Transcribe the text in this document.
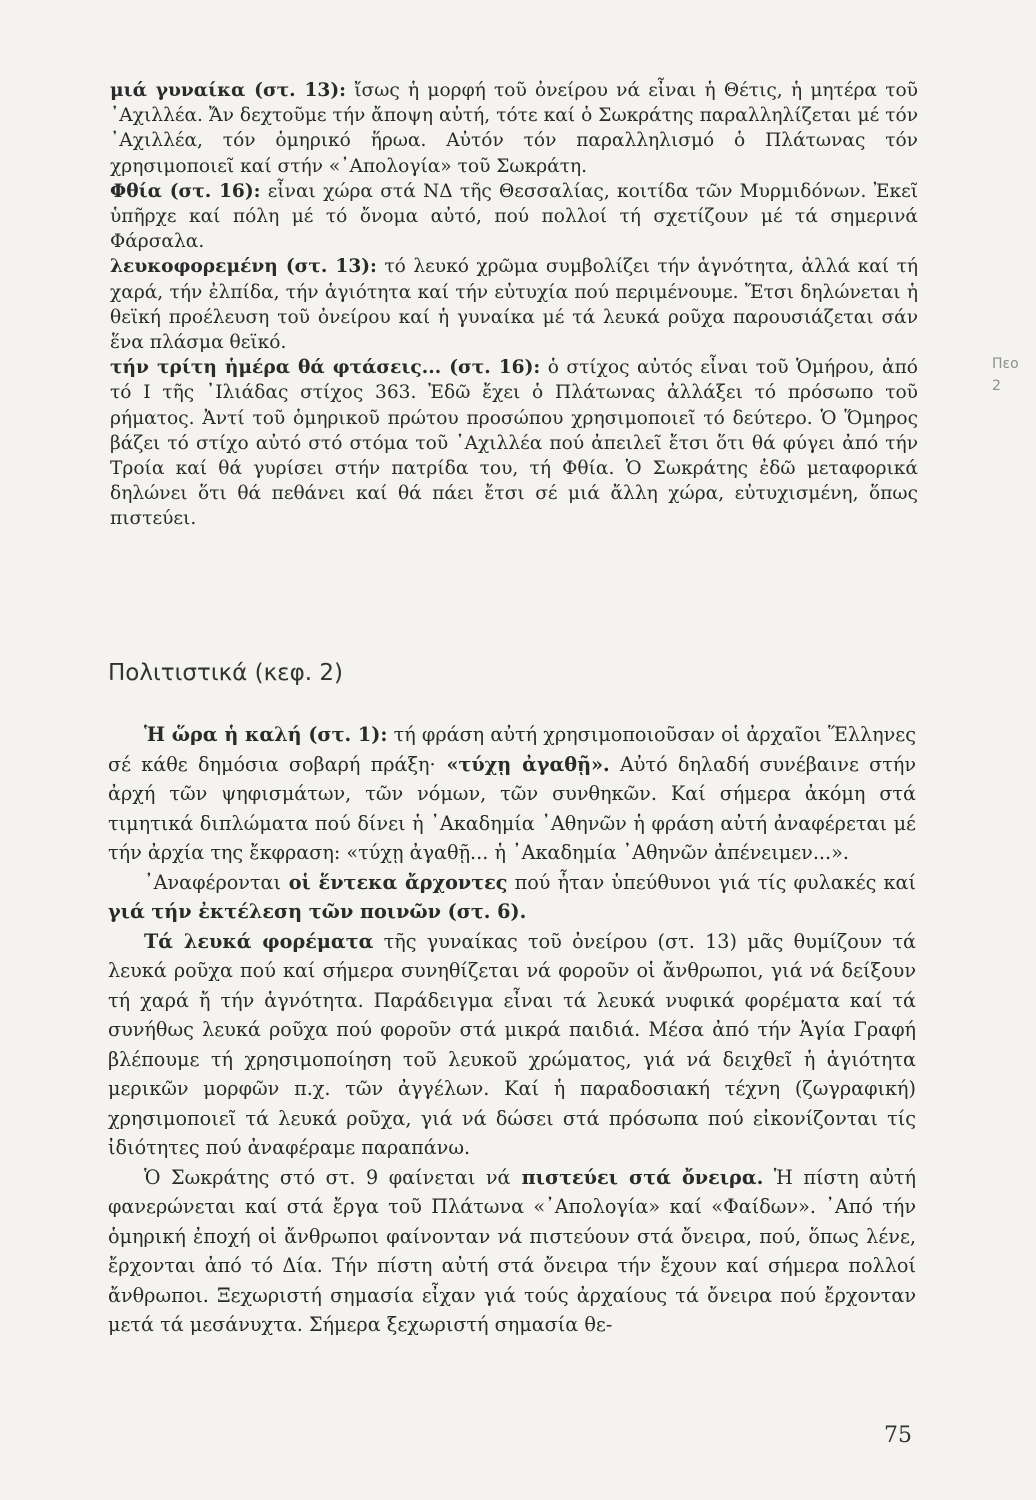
Πεο
2

μιά γυναίκα (στ. 13): ἴσως ἡ μορφή τοῦ ὀνείρου νά εἶναι ἡ Θέτις, ἡ μητέρα τοῦ ᾿Αχιλλέα. Ἄν δεχτοῦμε τήν ἄποψη αὐτή, τότε καί ὁ Σωκράτης παραλληλίζεται μέ τόν ᾿Αχιλλέα, τόν ὁμηρικό ἥρωα. Αὐτόν τόν παραλληλισμό ὁ Πλάτωνας τόν χρησιμοποιεῖ καί στήν «᾿Απολογία» τοῦ Σωκράτη.

Φθία (στ. 16): εἶναι χώρα στά ΝΔ τῆς Θεσσαλίας, κοιτίδα τῶν Μυρμιδόνων. Ἐκεῖ ὑπῆρχε καί πόλη μέ τό ὄνομα αὐτό, πού πολλοί τή σχετίζουν μέ τά σημερινά Φάρσαλα.

λευκοφορεμένη (στ. 13): τό λευκό χρῶμα συμβολίζει τήν ἁγνότητα, ἀλλά καί τή χαρά, τήν ἐλπίδα, τήν ἁγιότητα καί τήν εὐτυχία πού περιμένουμε. Ἔτσι δηλώνεται ἡ θεϊκή προέλευση τοῦ ὀνείρου καί ἡ γυναίκα μέ τά λευκά ροῦχα παρουσιάζεται σάν ἕνα πλάσμα θεϊκό.

τήν τρίτη ἡμέρα θά φτάσεις... (στ. 16): ὁ στίχος αὐτός εἶναι τοῦ Ὁμήρου, ἀπό τό Ι τῆς ᾿Ιλιάδας στίχος 363. Ἐδῶ ἔχει ὁ Πλάτωνας ἀλλάξει τό πρόσωπο τοῦ ρήματος. Ἀντί τοῦ ὁμηρικοῦ πρώτου προσώπου χρησιμοποιεῖ τό δεύτερο. Ὁ Ὅμηρος βάζει τό στίχο αὐτό στό στόμα τοῦ ᾿Αχιλλέα πού ἀπειλεῖ ἔτσι ὅτι θά φύγει ἀπό τήν Τροία καί θά γυρίσει στήν πατρίδα του, τή Φθία. Ὁ Σωκράτης ἐδῶ μεταφορικά δηλώνει ὅτι θά πεθάνει καί θά πάει ἔτσι σέ μιά ἄλλη χώρα, εὐτυχισμένη, ὅπως πιστεύει.

Πολιτιστικά (κεφ. 2)

Ἡ ὥρα ἡ καλή (στ. 1): τή φράση αὐτή χρησιμοποιοῦσαν οἱ ἀρχαῖοι Ἕλληνες σέ κάθε δημόσια σοβαρή πράξη· «τύχῃ ἀγαθῇ». Αὐτό δηλαδή συνέβαινε στήν ἀρχή τῶν ψηφισμάτων, τῶν νόμων, τῶν συνθηκῶν. Καί σήμερα ἀκόμη στά τιμητικά διπλώματα πού δίνει ἡ ᾿Ακαδημία ᾿Αθηνῶν ἡ φράση αὐτή ἀναφέρεται μέ τήν ἀρχία της ἔκφραση: «τύχῃ ἀγαθῇ... ἡ ᾿Ακαδημία ᾿Αθηνῶν ἀπένειμεν...».

᾿Αναφέρονται οἱ ἕντεκα ἄρχοντες πού ἦταν ὑπεύθυνοι γιά τίς φυλακές καί γιά τήν ἐκτέλεση τῶν ποινῶν (στ. 6).

Τά λευκά φορέματα τῆς γυναίκας τοῦ ὀνείρου (στ. 13) μᾶς θυμίζουν τά λευκά ροῦχα πού καί σήμερα συνηθίζεται νά φοροῦν οἱ ἄνθρωποι, γιά νά δείξουν τή χαρά ἤ τήν ἁγνότητα. Παράδειγμα εἶναι τά λευκά νυφικά φορέματα καί τά συνήθως λευκά ροῦχα πού φοροῦν στά μικρά παιδιά. Μέσα ἀπό τήν Ἁγία Γραφή βλέπουμε τή χρησιμοποίηση τοῦ λευκοῦ χρώματος, γιά νά δειχθεῖ ἡ ἁγιότητα μερικῶν μορφῶν π.χ. τῶν ἀγγέλων. Καί ἡ παραδοσιακή τέχνη (ζωγραφική) χρησιμοποιεῖ τά λευκά ροῦχα, γιά νά δώσει στά πρόσωπα πού εἰκονίζονται τίς ἰδιότητες πού ἀναφέραμε παραπάνω.

Ὁ Σωκράτης στό στ. 9 φαίνεται νά πιστεύει στά ὄνειρα. Ἡ πίστη αὐτή φανερώνεται καί στά ἔργα τοῦ Πλάτωνα «᾿Απολογία» καί «Φαίδων». ᾿Από τήν ὁμηρική ἐποχή οἱ ἄνθρωποι φαίνονταν νά πιστεύουν στά ὄνειρα, πού, ὅπως λένε, ἔρχονται ἀπό τό Δία. Τήν πίστη αὐτή στά ὄνειρα τήν ἔχουν καί σήμερα πολλοί ἄνθρωποι. Ξεχωριστή σημασία εἶχαν γιά τούς ἀρχαίους τά ὄνειρα πού ἔρχονταν μετά τά μεσάνυχτα. Σήμερα ξεχωριστή σημασία θε-

75
